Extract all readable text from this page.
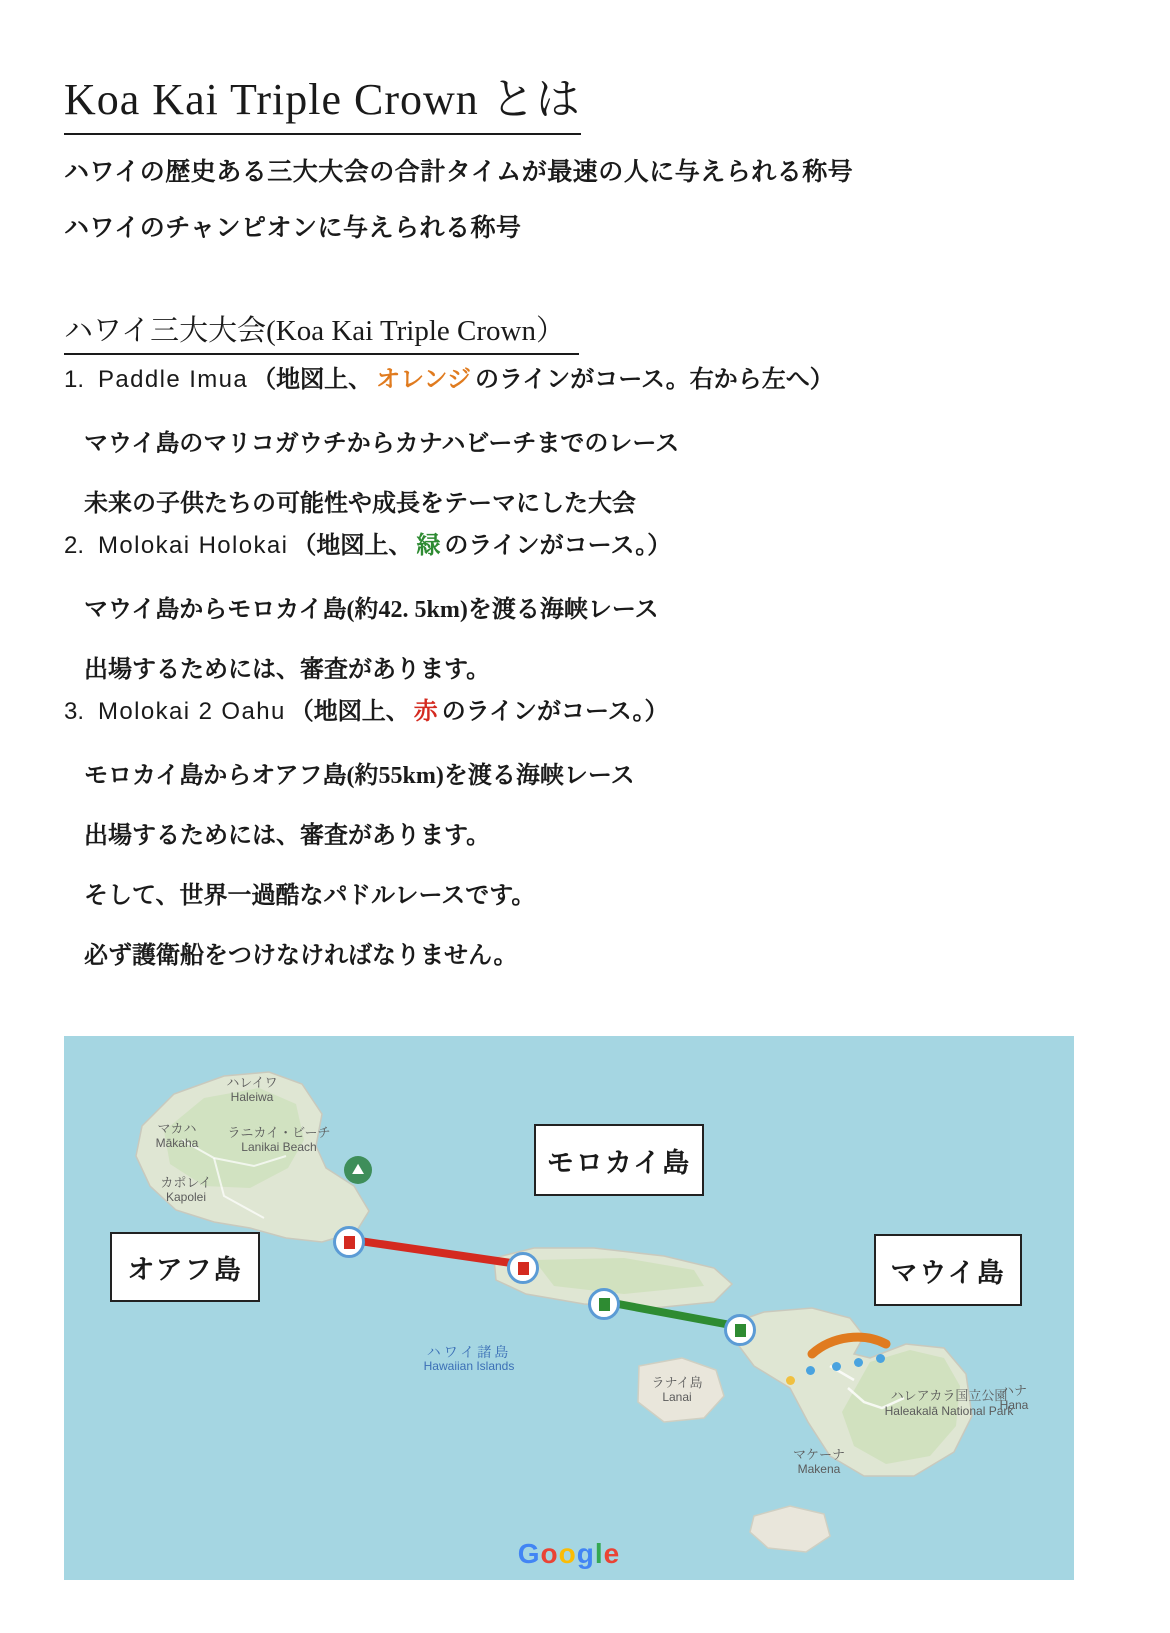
Koa Kai Triple Crown とは
ハワイの歴史ある三大大会の合計タイムが最速の人に与えられる称号
ハワイのチャンピオンに与えられる称号
ハワイ三大大会(Koa Kai Triple Crown）
1. Paddle Imua （地図上、 オレンジ のラインがコース。右から左へ）
マウイ島のマリコガウチからカナハビーチまでのレース
未来の子供たちの可能性や成長をテーマにした大会
2. Molokai Holokai （地図上、 緑 のラインがコース。）
マウイ島からモロカイ島(約42. 5km)を渡る海峡レース
出場するためには、審査があります。
3. Molokai 2 Oahu （地図上、 赤 のラインがコース。）
モロカイ島からオアフ島(約55km)を渡る海峡レース
出場するためには、審査があります。
そして、世界一過酷なパドルレースです。
必ず護衛船をつけなければなりません。
⛰
ハレイワ
Haleiwa
マカハ
Mākaha
ラニカイ・ビーチ
Lanikai Beach
カポレイ
Kapolei
ハワイ諸島
Hawaiian Islands
ラナイ島
Lanai	ハレアカラ国立公園
Haleakalā National Park
ハナ
Hana
マケーナ
Makena
オアフ島
モロカイ島
マウイ島
Google
